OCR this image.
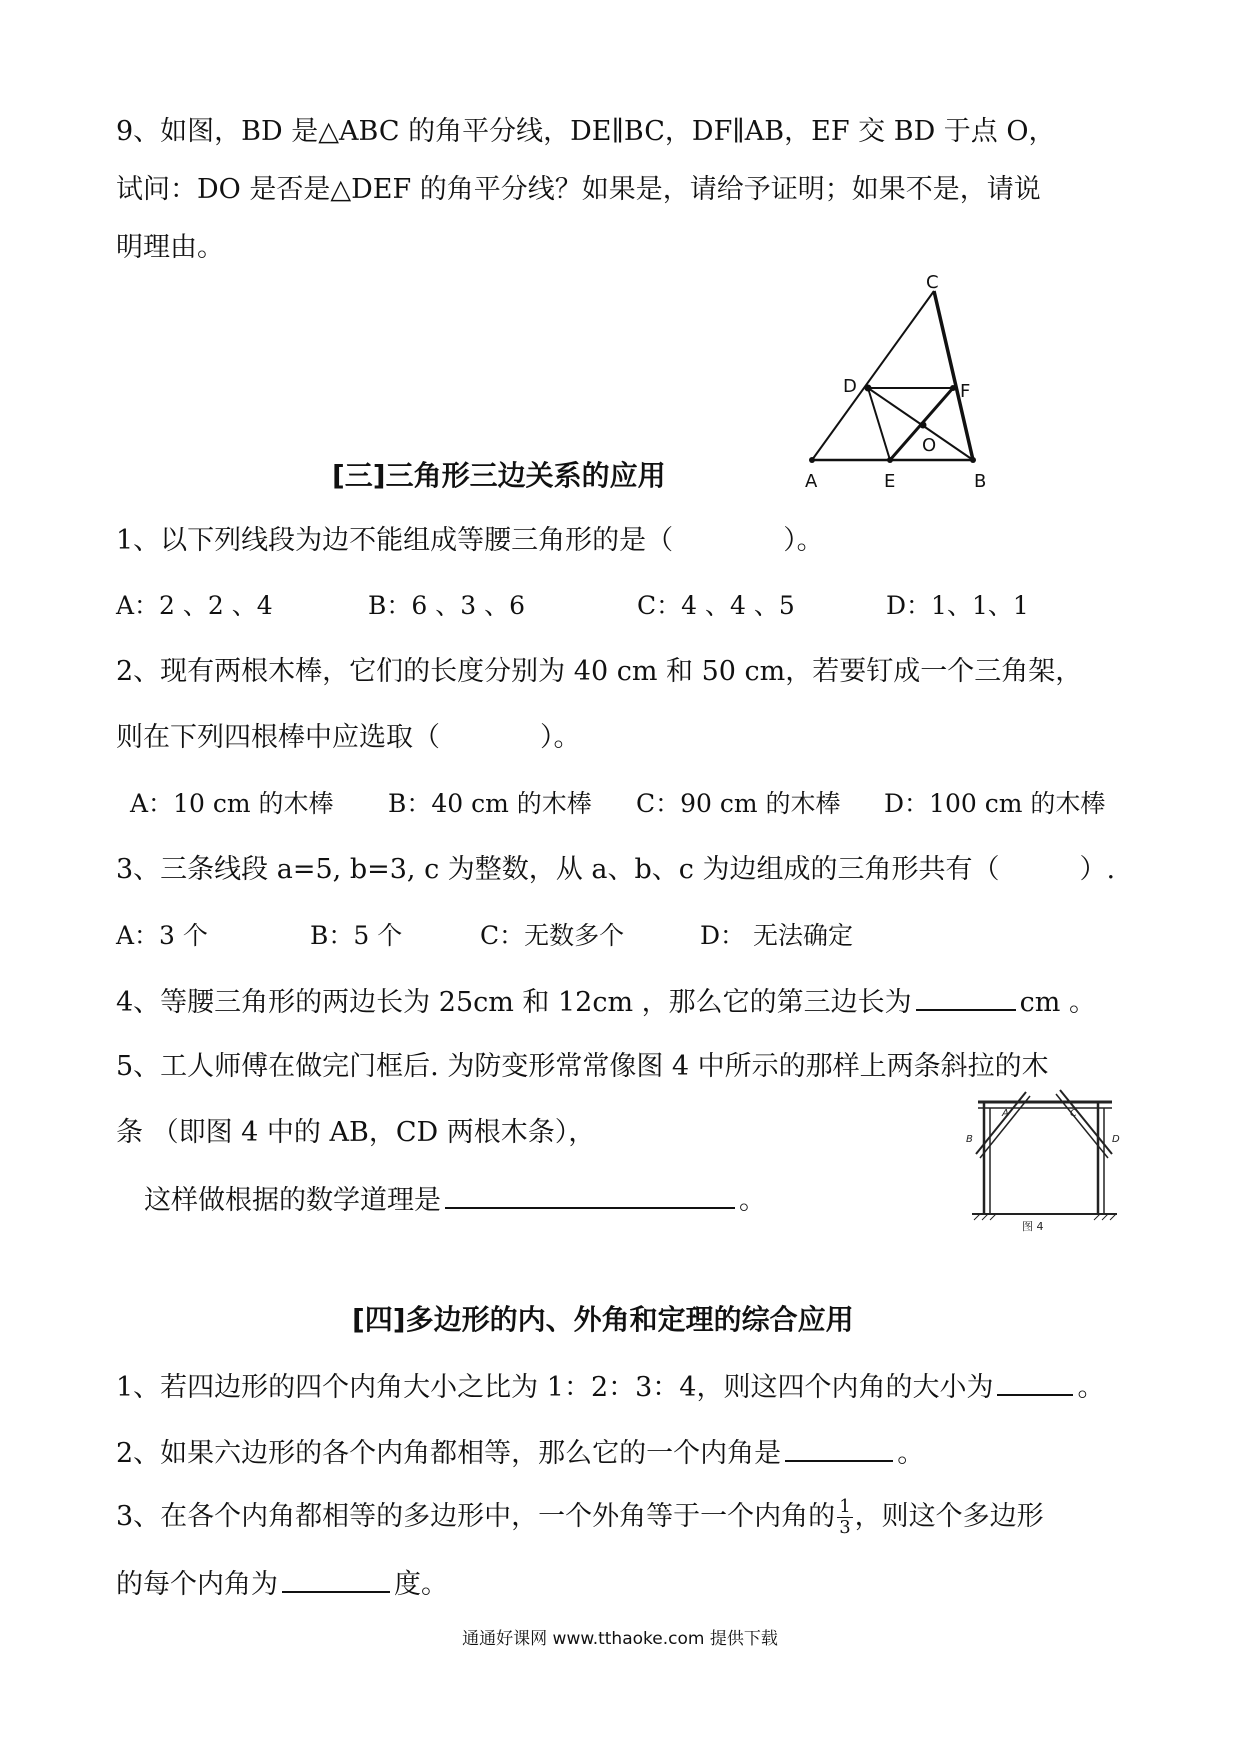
9、如图，BD 是△ABC 的角平分线，DE∥BC，DF∥AB，EF 交 BD 于点 O，
试问：DO 是否是△DEF 的角平分线？如果是，请给予证明；如果不是，请说
明理由。
C
D	F
O
A	E	B
[三]三角形三边关系的应用
1、以下列线段为边不能组成等腰三角形的是（	）。
A：2 、2 、4	B：6 、3 、6	C：4 、4 、5	D：1、1、1
2、现有两根木棒，它们的长度分别为 40 cm 和 50 cm，若要钉成一个三角架，
则在下列四根棒中应选取（	）。
A：10 cm 的木棒 B：40 cm 的木棒 C：90 cm 的木棒 D：100 cm 的木棒
3、三条线段 a=5, b=3, c 为整数，从 a、b、c 为边组成的三角形共有（	）.
A：3 个	B：5 个	C：无数多个	D： 无法确定
4、等腰三角形的两边长为 25cm 和 12cm ，那么它的第三边长为	cm 。
5、工人师傅在做完门框后. 为防变形常常像图 4 中所示的那样上两条斜拉的木
条 （即图 4 中的 AB，CD 两根木条），
这样做根据的数学道理是	。
B
A	C
D
图 4
[四]多边形的内、外角和定理的综合应用
1、若四边形的四个内角大小之比为 1：2：3：4，则这四个内角的大小为	。
2、如果六边形的各个内角都相等，那么它的一个内角是	。
3、在各个内角都相等的多边形中，一个外角等于一个内角的 $\frac{1}{3}$ ，则这个多边形
的每个内角为	度。
通通好课网 www.tthaoke.com 提供下载
